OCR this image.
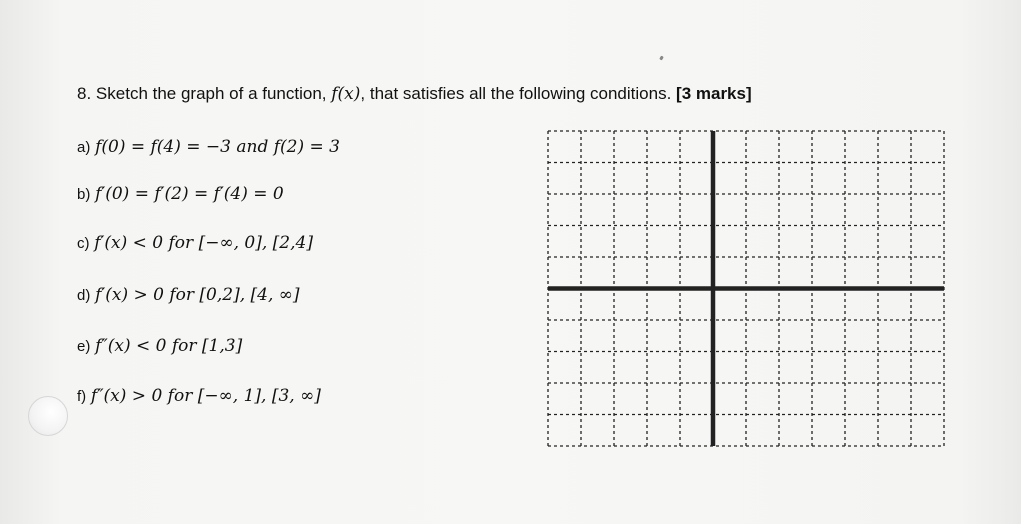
8. Sketch the graph of a function, f(x), that satisfies all the following conditions. [3 marks]
a) f(0) = f(4) = −3 and f(2) = 3
b) f′(0) = f′(2) = f′(4) = 0
c) f′(x) < 0 for [−∞, 0], [2,4]
d) f′(x) > 0 for [0,2], [4, ∞]
e) f″(x) < 0 for [1,3]
f) f″(x) > 0 for [−∞, 1], [3, ∞]
